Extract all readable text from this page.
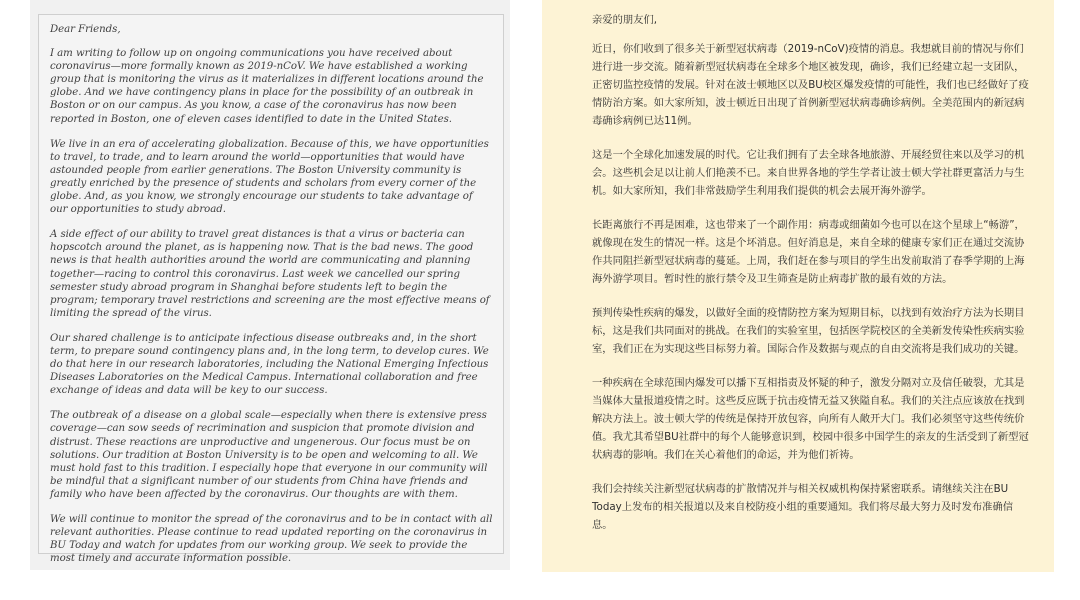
Dear Friends,

I am writing to follow up on ongoing communications you have received about coronavirus—more formally known as 2019-nCoV. We have established a working group that is monitoring the virus as it materializes in different locations around the globe. And we have contingency plans in place for the possibility of an outbreak in Boston or on our campus. As you know, a case of the coronavirus has now been reported in Boston, one of eleven cases identified to date in the United States.

We live in an era of accelerating globalization. Because of this, we have opportunities to travel, to trade, and to learn around the world—opportunities that would have astounded people from earlier generations. The Boston University community is greatly enriched by the presence of students and scholars from every corner of the globe. And, as you know, we strongly encourage our students to take advantage of our opportunities to study abroad.

A side effect of our ability to travel great distances is that a virus or bacteria can hopscotch around the planet, as is happening now. That is the bad news. The good news is that health authorities around the world are communicating and planning together—racing to control this coronavirus. Last week we cancelled our spring semester study abroad program in Shanghai before students left to begin the program; temporary travel restrictions and screening are the most effective means of limiting the spread of the virus.

Our shared challenge is to anticipate infectious disease outbreaks and, in the short term, to prepare sound contingency plans and, in the long term, to develop cures. We do that here in our research laboratories, including the National Emerging Infectious Diseases Laboratories on the Medical Campus. International collaboration and free exchange of ideas and data will be key to our success.

The outbreak of a disease on a global scale—especially when there is extensive press coverage—can sow seeds of recrimination and suspicion that promote division and distrust. These reactions are unproductive and ungenerous. Our focus must be on solutions. Our tradition at Boston University is to be open and welcoming to all. We must hold fast to this tradition. I especially hope that everyone in our community will be mindful that a significant number of our students from China have friends and family who have been affected by the coronavirus. Our thoughts are with them.

We will continue to monitor the spread of the coronavirus and to be in contact with all relevant authorities. Please continue to read updated reporting on the coronavirus in BU Today and watch for updates from our working group. We seek to provide the most timely and accurate information possible.

亲爱的朋友们,

近日，你们收到了很多关于新型冠状病毒（2019-nCoV)疫情的消息。我想就目前的情况与你们进行进一步交流。随着新型冠状病毒在全球多个地区被发现，确诊，我们已经建立起一支团队，正密切监控疫情的发展。针对在波士顿地区以及BU校区爆发疫情的可能性，我们也已经做好了疫情防治方案。如大家所知，波士顿近日出现了首例新型冠状病毒确诊病例。全美范围内的新冠病毒确诊病例已达11例。

这是一个全球化加速发展的时代。它让我们拥有了去全球各地旅游、开展经贸往来以及学习的机会。这些机会足以让前人们艳羡不已。来自世界各地的学生学者让波士顿大学社群更富活力与生机。如大家所知，我们非常鼓励学生利用我们提供的机会去展开海外游学。

长距离旅行不再是困难，这也带来了一个副作用：病毒或细菌如今也可以在这个星球上“畅游”，就像现在发生的情况一样。这是个坏消息。但好消息是，来自全球的健康专家们正在通过交流协作共同阻拦新型冠状病毒的蔓延。上周，我们赶在参与项目的学生出发前取消了春季学期的上海海外游学项目。暂时性的旅行禁令及卫生筛查是防止病毒扩散的最有效的方法。

预判传染性疾病的爆发，以做好全面的疫情防控方案为短期目标，以找到有效治疗方法为长期目标，这是我们共同面对的挑战。在我们的实验室里，包括医学院校区的全美新发传染性疾病实验室，我们正在为实现这些目标努力着。国际合作及数据与观点的自由交流将是我们成功的关键。

一种疾病在全球范围内爆发可以播下互相指责及怀疑的种子，激发分隔对立及信任破裂，尤其是当媒体大量报道疫情之时。这些反应既于抗击疫情无益又狭隘自私。我们的关注点应该放在找到解决方法上。波士顿大学的传统是保持开放包容，向所有人敞开大门。我们必须坚守这些传统价值。我尤其希望BU社群中的每个人能够意识到，校园中很多中国学生的亲友的生活受到了新型冠状病毒的影响。我们在关心着他们的命运，并为他们祈祷。

我们会持续关注新型冠状病毒的扩散情况并与相关权威机构保持紧密联系。请继续关注在BU Today上发布的相关报道以及来自校防疫小组的重要通知。我们将尽最大努力及时发布准确信息。
